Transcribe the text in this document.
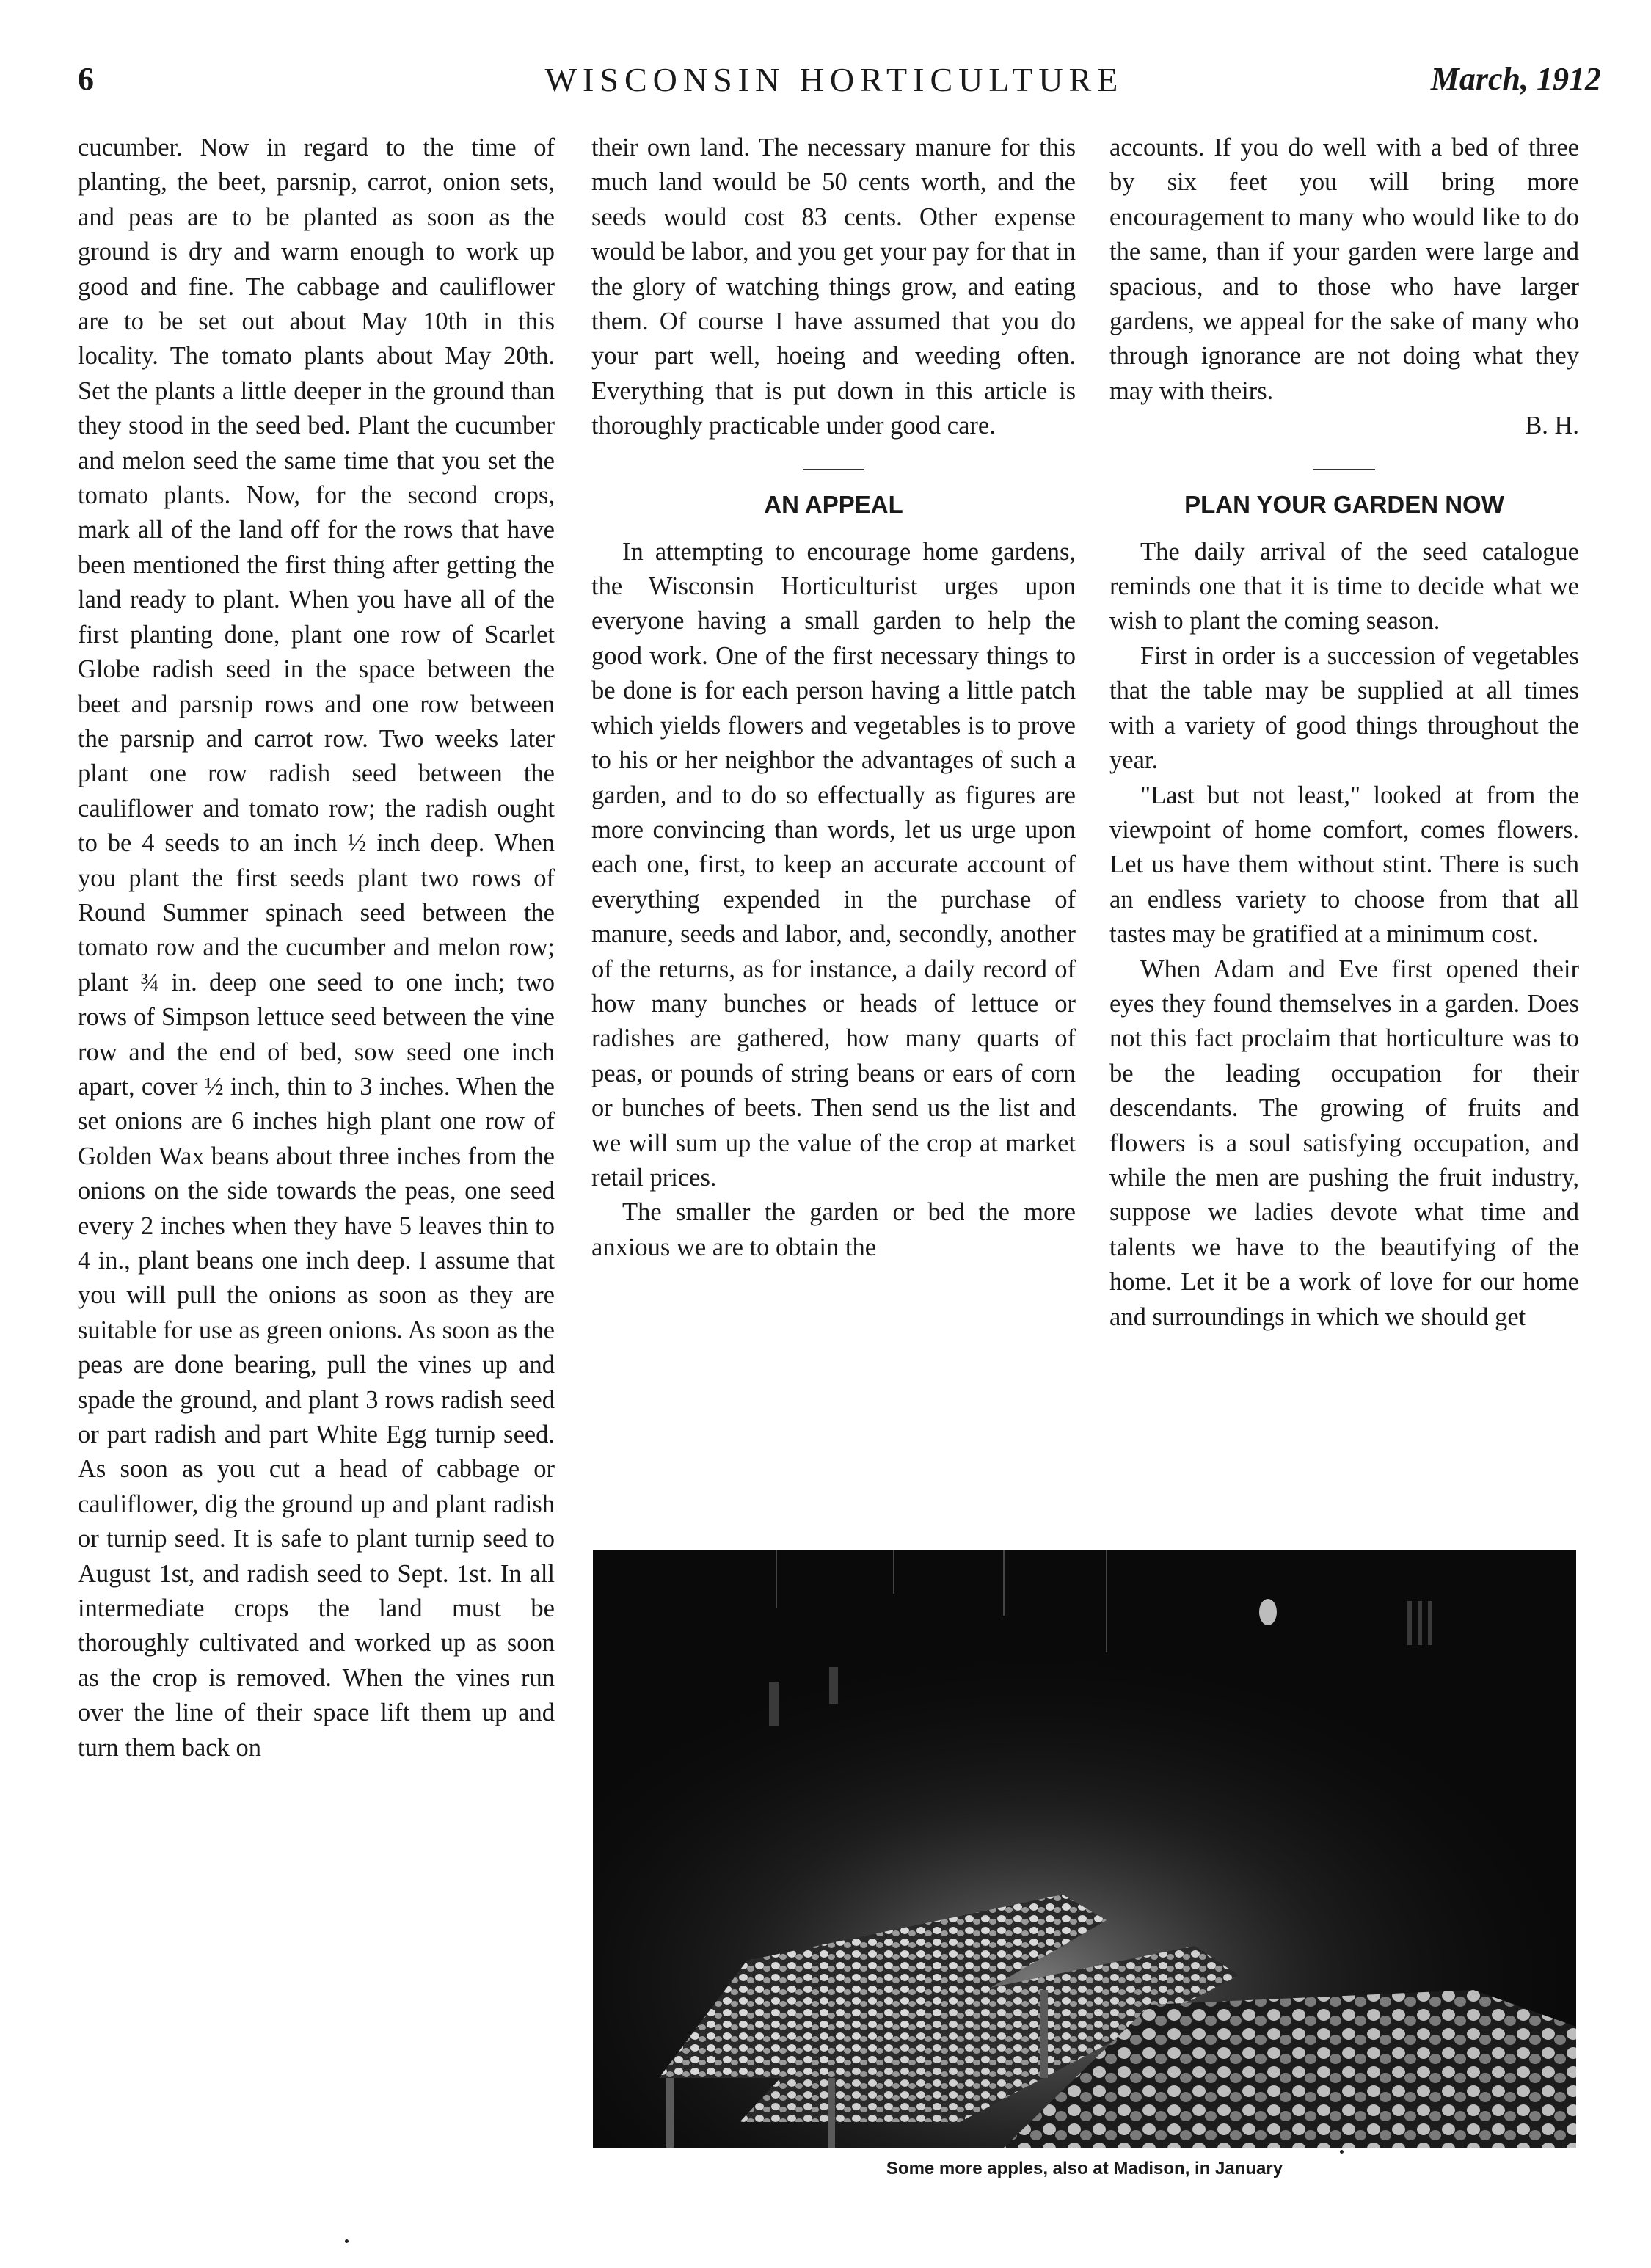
6	WISCONSIN HORTICULTURE	March, 1912

cucumber. Now in regard to the time of planting, the beet, parsnip, carrot, onion sets, and peas are to be planted as soon as the ground is dry and warm enough to work up good and fine. The cabbage and cauliflower are to be set out about May 10th in this locality. The tomato plants about May 20th. Set the plants a little deeper in the ground than they stood in the seed bed. Plant the cucumber and melon seed the same time that you set the tomato plants. Now, for the second crops, mark all of the land off for the rows that have been mentioned the first thing after getting the land ready to plant. When you have all of the first planting done, plant one row of Scarlet Globe radish seed in the space between the beet and parsnip rows and one row between the parsnip and carrot row. Two weeks later plant one row radish seed between the cauliflower and tomato row; the radish ought to be 4 seeds to an inch ½ inch deep. When you plant the first seeds plant two rows of Round Summer spinach seed between the tomato row and the cucumber and melon row; plant ¾ in. deep one seed to one inch; two rows of Simpson lettuce seed between the vine row and the end of bed, sow seed one inch apart, cover ½ inch, thin to 3 inches. When the set onions are 6 inches high plant one row of Golden Wax beans about three inches from the onions on the side towards the peas, one seed every 2 inches when they have 5 leaves thin to 4 in., plant beans one inch deep. I assume that you will pull the onions as soon as they are suitable for use as green onions. As soon as the peas are done bearing, pull the vines up and spade the ground, and plant 3 rows radish seed or part radish and part White Egg turnip seed. As soon as you cut a head of cabbage or cauliflower, dig the ground up and plant radish or turnip seed. It is safe to plant turnip seed to August 1st, and radish seed to Sept. 1st. In all intermediate crops the land must be thoroughly cultivated and worked up as soon as the crop is removed. When the vines run over the line of their space lift them up and turn them back on

their own land. The necessary manure for this much land would be 50 cents worth, and the seeds would cost 83 cents. Other expense would be labor, and you get your pay for that in the glory of watching things grow, and eating them. Of course I have assumed that you do your part well, hoeing and weeding often. Everything that is put down in this article is thoroughly practicable under good care.

AN APPEAL

In attempting to encourage home gardens, the Wisconsin Horticulturist urges upon everyone having a small garden to help the good work. One of the first necessary things to be done is for each person having a little patch which yields flowers and vegetables is to prove to his or her neighbor the advantages of such a garden, and to do so effectually as figures are more convincing than words, let us urge upon each one, first, to keep an accurate account of everything expended in the purchase of manure, seeds and labor, and, secondly, another of the returns, as for instance, a daily record of how many bunches or heads of lettuce or radishes are gathered, how many quarts of peas, or pounds of string beans or ears of corn or bunches of beets. Then send us the list and we will sum up the value of the crop at market retail prices.

The smaller the garden or bed the more anxious we are to obtain the

accounts. If you do well with a bed of three by six feet you will bring more encouragement to many who would like to do the same, than if your garden were large and spacious, and to those who have larger gardens, we appeal for the sake of many who through ignorance are not doing what they may with theirs.

B. H.
PLAN YOUR GARDEN NOW

The daily arrival of the seed catalogue reminds one that it is time to decide what we wish to plant the coming season.

First in order is a succession of vegetables that the table may be supplied at all times with a variety of good things throughout the year.

"Last but not least," looked at from the viewpoint of home comfort, comes flowers. Let us have them without stint. There is such an endless variety to choose from that all tastes may be gratified at a minimum cost.

When Adam and Eve first opened their eyes they found themselves in a garden. Does not this fact proclaim that horticulture was to be the leading occupation for their descendants. The growing of fruits and flowers is a soul satisfying occupation, and while the men are pushing the fruit industry, suppose we ladies devote what time and talents we have to the beautifying of the home. Let it be a work of love for our home and surroundings in which we should get

Some more apples, also at Madison, in January
